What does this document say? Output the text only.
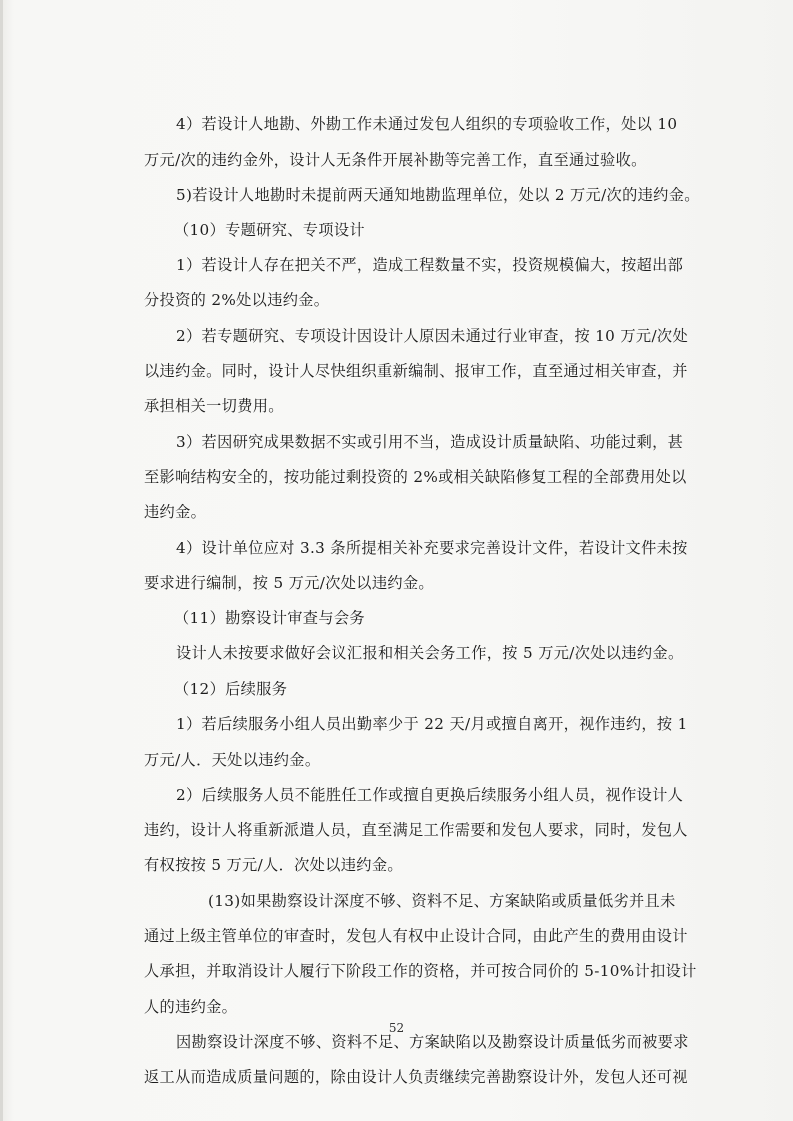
4）若设计人地勘、外勘工作未通过发包人组织的专项验收工作，处以 10
万元/次的违约金外，设计人无条件开展补勘等完善工作，直至通过验收。
5)若设计人地勘时未提前两天通知地勘监理单位，处以 2 万元/次的违约金。
（10）专题研究、专项设计
1）若设计人存在把关不严，造成工程数量不实，投资规模偏大，按超出部
分投资的 2%处以违约金。
2）若专题研究、专项设计因设计人原因未通过行业审查，按 10 万元/次处
以违约金。同时，设计人尽快组织重新编制、报审工作，直至通过相关审查，并
承担相关一切费用。
3）若因研究成果数据不实或引用不当，造成设计质量缺陷、功能过剩，甚
至影响结构安全的，按功能过剩投资的 2%或相关缺陷修复工程的全部费用处以
违约金。
4）设计单位应对 3.3 条所提相关补充要求完善设计文件，若设计文件未按
要求进行编制，按 5 万元/次处以违约金。
（11）勘察设计审查与会务
设计人未按要求做好会议汇报和相关会务工作，按 5 万元/次处以违约金。
（12）后续服务
1）若后续服务小组人员出勤率少于 22 天/月或擅自离开，视作违约，按 1
万元/人．天处以违约金。
2）后续服务人员不能胜任工作或擅自更换后续服务小组人员，视作设计人
违约，设计人将重新派遣人员，直至满足工作需要和发包人要求，同时，发包人
有权按按 5 万元/人．次处以违约金。
(13)如果勘察设计深度不够、资料不足、方案缺陷或质量低劣并且未
通过上级主管单位的审查时，发包人有权中止设计合同，由此产生的费用由设计
人承担，并取消设计人履行下阶段工作的资格，并可按合同价的 5-10%计扣设计
人的违约金。
因勘察设计深度不够、资料不足、方案缺陷以及勘察设计质量低劣而被要求
返工从而造成质量问题的，除由设计人负责继续完善勘察设计外，发包人还可视
52
